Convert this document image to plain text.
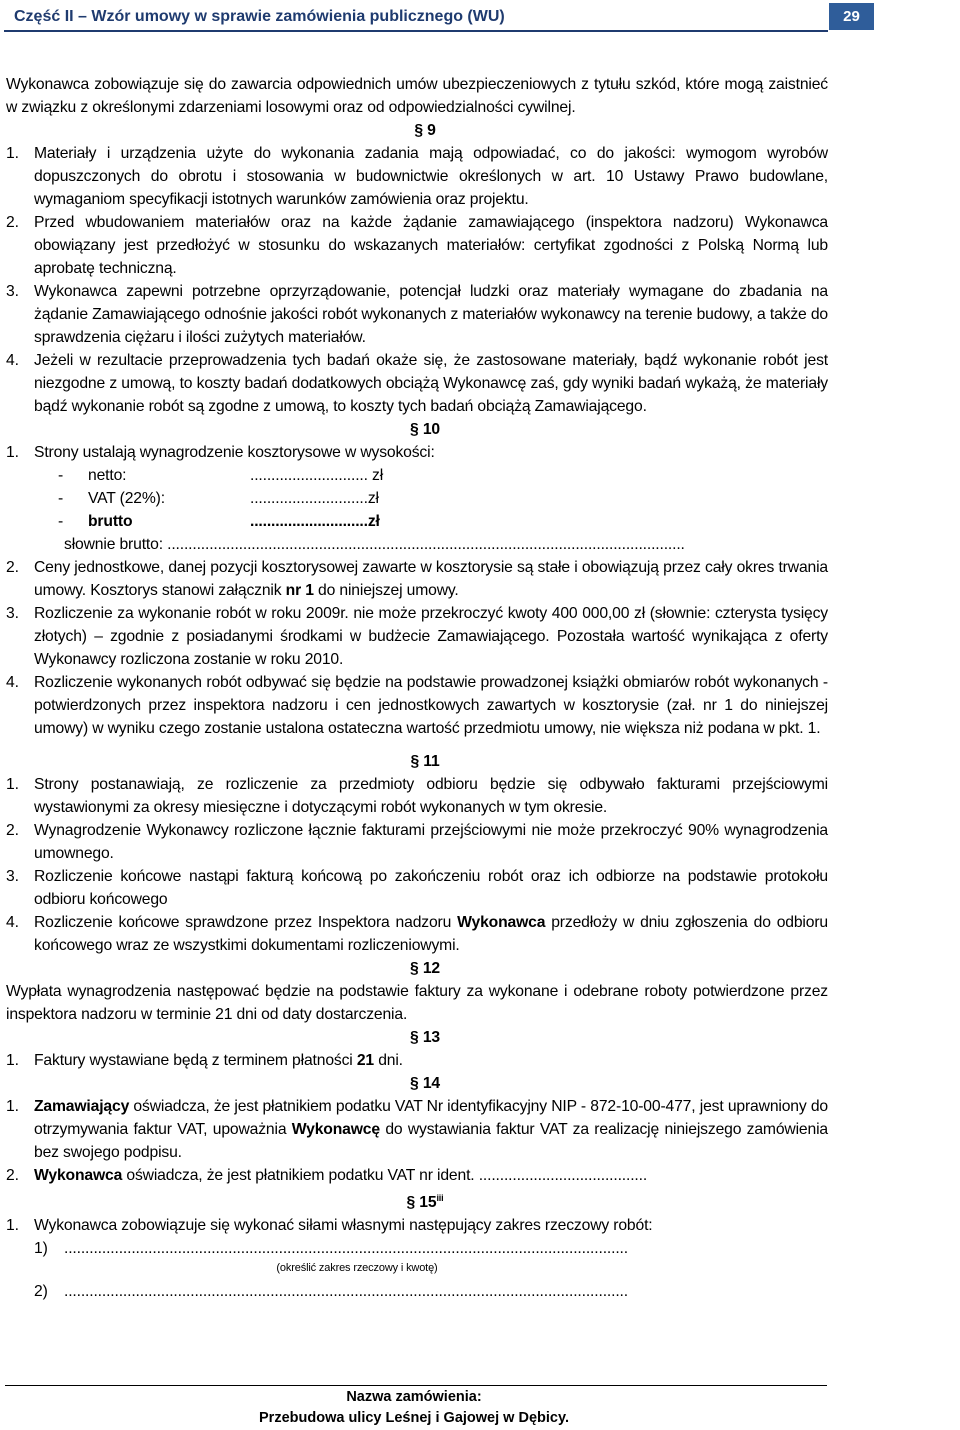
Część II – Wzór umowy w sprawie zamówienia publicznego (WU)	29

Wykonawca zobowiązuje się do zawarcia odpowiednich umów ubezpieczeniowych z tytułu szkód, które mogą zaistnieć w związku z określonymi zdarzeniami losowymi oraz od odpowiedzialności cywilnej.

§ 9

1. Materiały i urządzenia użyte do wykonania zadania mają odpowiadać, co do jakości: wymogom wyrobów dopuszczonych do obrotu i stosowania w budownictwie określonych w art. 10 Ustawy Prawo budowlane, wymaganiom specyfikacji istotnych warunków zamówienia oraz projektu.
2. Przed wbudowaniem materiałów oraz na każde żądanie zamawiającego (inspektora nadzoru) Wykonawca obowiązany jest przedłożyć w stosunku do wskazanych materiałów: certyfikat zgodności z Polską Normą lub aprobatę techniczną.
3. Wykonawca zapewni potrzebne oprzyrządowanie, potencjał ludzki oraz materiały wymagane do zbadania na żądanie Zamawiającego odnośnie jakości robót wykonanych z materiałów wykonawcy na terenie budowy, a także do sprawdzenia ciężaru i ilości zużytych materiałów.
4. Jeżeli w rezultacie przeprowadzenia tych badań okaże się, że zastosowane materiały, bądź wykonanie robót jest niezgodne z umową, to koszty badań dodatkowych obciążą Wykonawcę zaś, gdy wyniki badań wykażą, że materiały bądź wykonanie robót są zgodne z umową, to koszty tych badań obciążą Zamawiającego.

§ 10

1. Strony ustalają wynagrodzenie kosztorysowe w wysokości:
-	netto:	............................ zł
-	VAT (22%):	............................zł
-	brutto	............................zł

słownie brutto: ...........................................................................................................................

2. Ceny jednostkowe, danej pozycji kosztorysowej zawarte w kosztorysie są stałe i obowiązują przez cały okres trwania umowy. Kosztorys stanowi załącznik nr 1 do niniejszej umowy.
3. Rozliczenie za wykonanie robót w roku 2009r. nie może przekroczyć kwoty 400 000,00 zł (słownie: czterysta tysięcy złotych) – zgodnie z posiadanymi środkami w budżecie Zamawiającego. Pozostała wartość wynikająca z oferty Wykonawcy rozliczona zostanie w roku 2010.
4. Rozliczenie wykonanych robót odbywać się będzie na podstawie prowadzonej książki obmiarów robót wykonanych - potwierdzonych przez inspektora nadzoru i cen jednostkowych zawartych w kosztorysie (zał. nr 1 do niniejszej umowy) w wyniku czego zostanie ustalona ostateczna wartość przedmiotu umowy, nie większa niż podana w pkt. 1.

§ 11

1. Strony postanawiają, ze rozliczenie za przedmioty odbioru będzie się odbywało fakturami przejściowymi wystawionymi za okresy miesięczne i dotyczącymi robót wykonanych w tym okresie.
2. Wynagrodzenie Wykonawcy rozliczone łącznie fakturami przejściowymi nie może przekroczyć 90% wynagrodzenia umownego.
3. Rozliczenie końcowe nastąpi fakturą końcową po zakończeniu robót oraz ich odbiorze na podstawie protokołu odbioru końcowego
4. Rozliczenie końcowe sprawdzone przez Inspektora nadzoru Wykonawca przedłoży w dniu zgłoszenia do odbioru końcowego wraz ze wszystkimi dokumentami rozliczeniowymi.

§ 12

Wypłata wynagrodzenia następować będzie na podstawie faktury za wykonane i odebrane roboty potwierdzone przez inspektora nadzoru w terminie 21 dni od daty dostarczenia.

§ 13

1. Faktury wystawiane będą z terminem płatności 21 dni.

§ 14

1. Zamawiający oświadcza, że jest płatnikiem podatku VAT Nr identyfikacyjny NIP - 872-10-00-477, jest uprawniony do otrzymywania faktur VAT, upoważnia Wykonawcę do wystawiania faktur VAT za realizację niniejszego zamówienia bez swojego podpisu.
2. Wykonawca oświadcza, że jest płatnikiem podatku VAT nr ident. ........................................

§ 15$^{iii}$

1. Wykonawca zobowiązuje się wykonać siłami własnymi następujący zakres rzeczowy robót:
1)	......................................................................................................................................

(określić zakres rzeczowy i kwotę)

2)	......................................................................................................................................
Nazwa zamówienia:
Przebudowa ulicy Leśnej i Gajowej w Dębicy.
